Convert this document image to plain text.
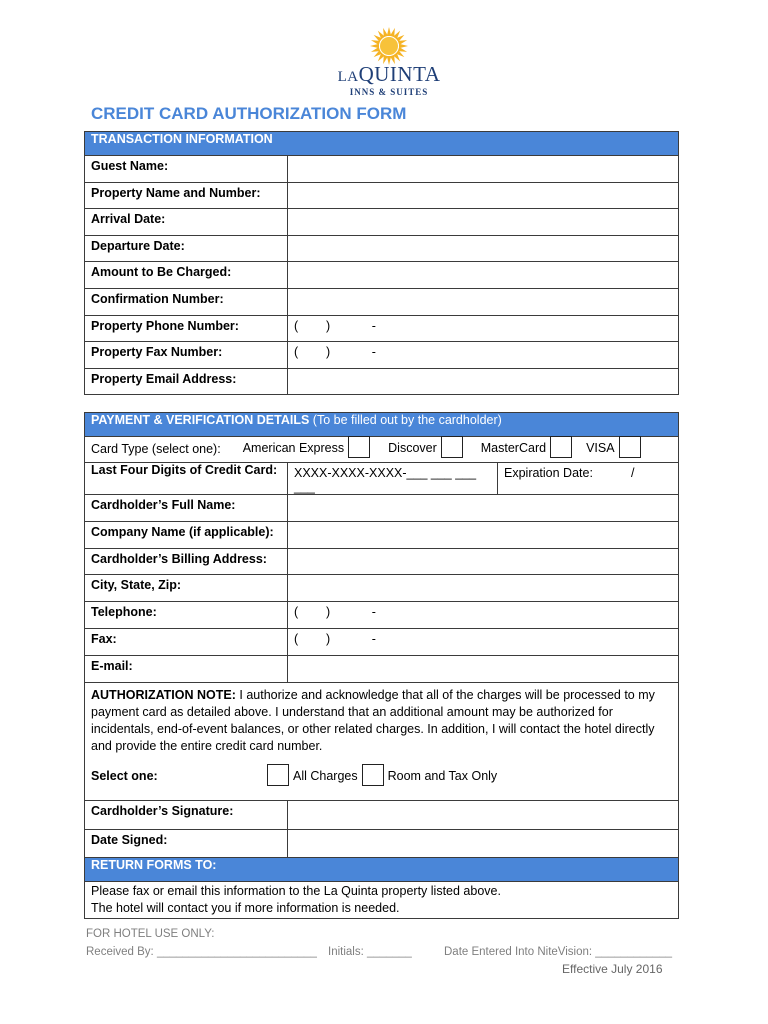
LAQUINTA
INNS & SUITES
CREDIT CARD AUTHORIZATION FORM
TRANSACTION INFORMATION	
Guest Name:	
Property Name and Number:	
Arrival Date:	
Departure Date:	
Amount to Be Charged:	
Confirmation Number:	
Property Phone Number:	(        )            -
Property Fax Number:	(        )            -
Property Email Address:	
PAYMENT & VERIFICATION DETAILS (To be filled out by the cardholder)		

Card Type (select one): American Express Discover MasterCard VISA		

Last Four Digits of Credit Card:	XXXX-XXXX-XXXX-___ ___ ___ ___	Expiration Date: /
Cardholder’s Full Name:		
Company Name (if applicable):		
Cardholder’s Billing Address:		
City, State, Zip:		
Telephone:	(        )            -	
Fax:	(        )            -	
E-mail:		

AUTHORIZATION NOTE: I authorize and acknowledge that all of the charges will be processed to my payment card as detailed above. I understand that an additional amount may be authorized for incidentals, end-of-event balances, or other related charges. In addition, I will contact the hotel directly and provide the entire credit card number.

Select one: All Charges Room and Tax Only		

Cardholder’s Signature:		
Date Signed:		
RETURN FORMS TO:		

Please fax or email this information to the La Quinta property listed above.
The hotel will contact you if more information is needed.		
FOR HOTEL USE ONLY:
Received By: _________________________ Initials: _______	Date Entered Into NiteVision: ____________
Effective July 2016
